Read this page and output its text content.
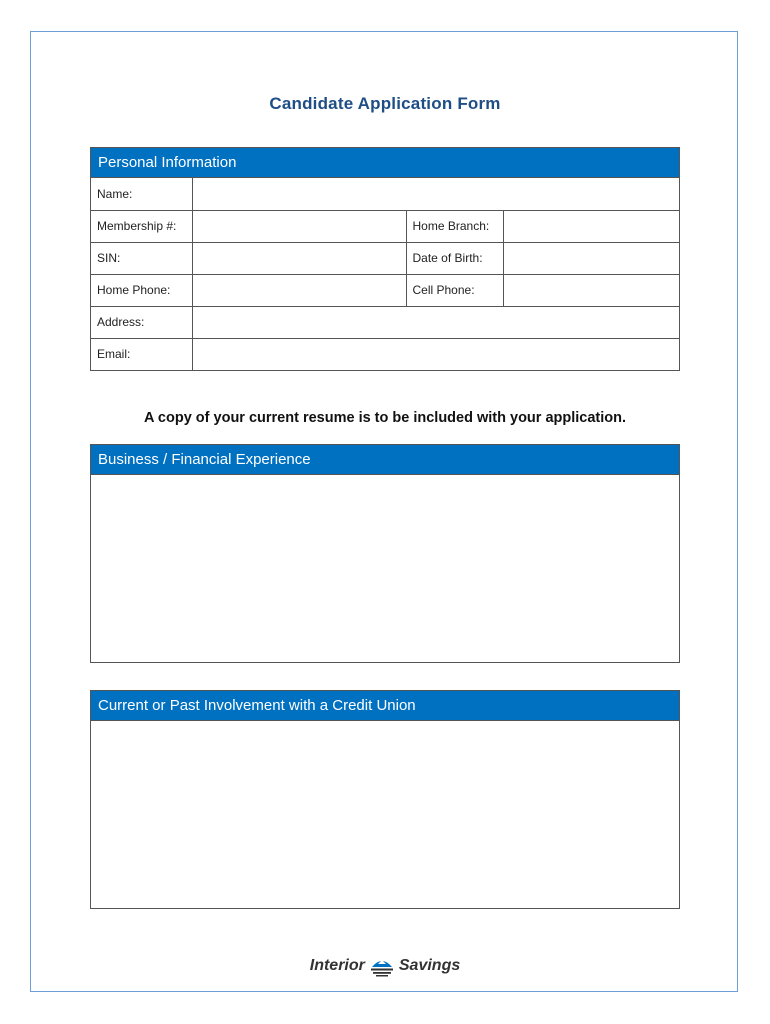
Candidate Application Form
Personal Information
Name:			
Membership #:		Home Branch:	
SIN:		Date of Birth:	
Home Phone:		Cell Phone:	
Address:			
Email:			
A copy of your current resume is to be included with your application.
Business / Financial Experience
Current or Past Involvement with a Credit Union
Interior Savings
